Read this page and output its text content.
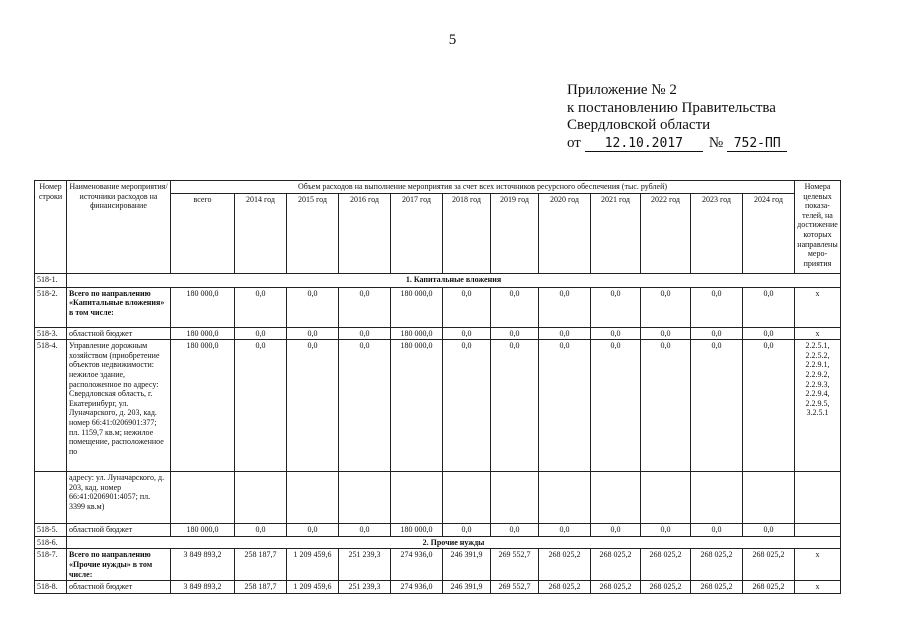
5
Приложение № 2
к постановлению Правительства
Свердловской области
от 12.10.2017 № 752-ПП
Номер строки	Наименование мероприятия/источники расходов на финансирование	Объем расходов на выполнение мероприятия за счет всех источников ресурсного обеспечения (тыс. рублей)												Номера целевых показа-телей, на достижение которых направлены меро-приятия
		всего	2014 год	2015 год	2016 год	2017 год	2018 год	2019 год	2020 год	2021 год	2022 год	2023 год	2024 год	
518-1.	1. Капитальные вложения													
518-2.	Всего по направлению «Капитальные вложения» в том числе:	180 000,0	0,0	0,0	0,0	180 000,0	0,0	0,0	0,0	0,0	0,0	0,0	0,0	x
518-3.	областной бюджет	180 000,0	0,0	0,0	0,0	180 000,0	0,0	0,0	0,0	0,0	0,0	0,0	0,0	x
518-4.	Управление дорожным хозяйством (приобретение объектов недвижимости: нежилое здание, расположенное по адресу: Свердловская область, г. Екатеринбург, ул. Луначарского, д. 203, кад. номер 66:41:0206901:377; пл. 1159,7 кв.м; нежилое помещение, расположенное по	180 000,0	0,0	0,0	0,0	180 000,0	0,0	0,0	0,0	0,0	0,0	0,0	0,0	2.2.5.1, 2.2.5.2, 2.2.9.1, 2.2.9.2, 2.2.9.3, 2.2.9.4, 2.2.9.5, 3.2.5.1
	адресу: ул. Луначарского, д. 203, кад. номер 66:41:0206901:4057; пл. 3399 кв.м)													
518-5.	областной бюджет	180 000,0	0,0	0,0	0,0	180 000,0	0,0	0,0	0,0	0,0	0,0	0,0	0,0	
518-6.	2. Прочие нужды													
518-7.	Всего по направлению «Прочие нужды» в том числе:	3 849 893,2	258 187,7	1 209 459,6	251 239,3	274 936,0	246 391,9	269 552,7	268 025,2	268 025,2	268 025,2	268 025,2	268 025,2	x
518-8.	областной бюджет	3 849 893,2	258 187,7	1 209 459,6	251 239,3	274 936,0	246 391,9	269 552,7	268 025,2	268 025,2	268 025,2	268 025,2	268 025,2	x
